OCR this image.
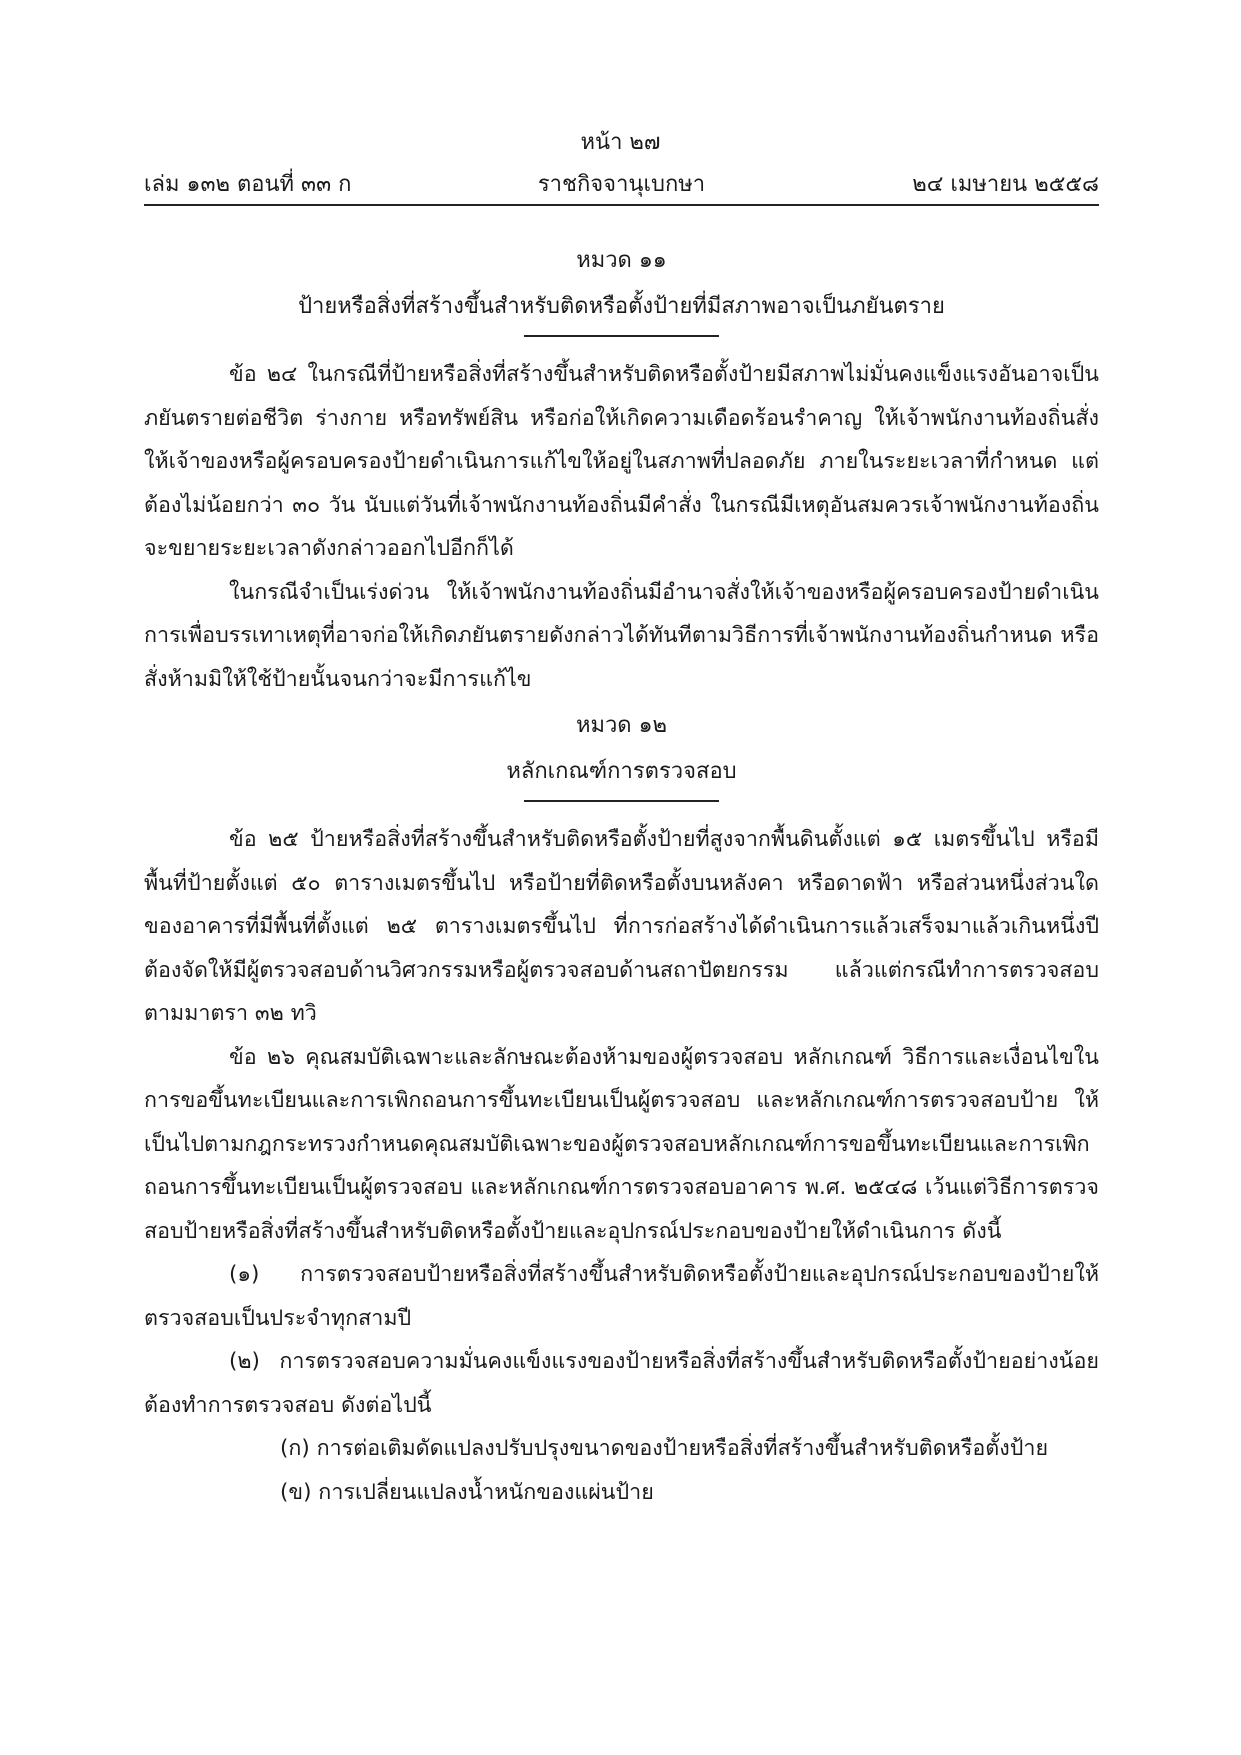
หน้า ๒๗
เล่ม ๑๓๒ ตอนที่ ๓๓ ก	ราชกิจจานุเบกษา	๒๔ เมษายน ๒๕๕๘
หมวด ๑๑
ป้ายหรือสิ่งที่สร้างขึ้นสำหรับติดหรือตั้งป้ายที่มีสภาพอาจเป็นภยันตราย

ข้อ ๒๔ ในกรณีที่ป้ายหรือสิ่งที่สร้างขึ้นสำหรับติดหรือตั้งป้ายมีสภาพไม่มั่นคงแข็งแรงอันอาจเป็นภยันตรายต่อชีวิต ร่างกาย หรือทรัพย์สิน หรือก่อให้เกิดความเดือดร้อนรำคาญ ให้เจ้าพนักงานท้องถิ่นสั่งให้เจ้าของหรือผู้ครอบครองป้ายดำเนินการแก้ไขให้อยู่ในสภาพที่ปลอดภัย ภายในระยะเวลาที่กำหนด แต่ต้องไม่น้อยกว่า ๓๐ วัน นับแต่วันที่เจ้าพนักงานท้องถิ่นมีคำสั่ง ในกรณีมีเหตุอันสมควรเจ้าพนักงานท้องถิ่นจะขยายระยะเวลาดังกล่าวออกไปอีกก็ได้

ในกรณีจำเป็นเร่งด่วน ให้เจ้าพนักงานท้องถิ่นมีอำนาจสั่งให้เจ้าของหรือผู้ครอบครองป้ายดำเนินการเพื่อบรรเทาเหตุที่อาจก่อให้เกิดภยันตรายดังกล่าวได้ทันทีตามวิธีการที่เจ้าพนักงานท้องถิ่นกำหนด หรือสั่งห้ามมิให้ใช้ป้ายนั้นจนกว่าจะมีการแก้ไข

หมวด ๑๒
หลักเกณฑ์การตรวจสอบ

ข้อ ๒๕ ป้ายหรือสิ่งที่สร้างขึ้นสำหรับติดหรือตั้งป้ายที่สูงจากพื้นดินตั้งแต่ ๑๕ เมตรขึ้นไป หรือมีพื้นที่ป้ายตั้งแต่ ๕๐ ตารางเมตรขึ้นไป หรือป้ายที่ติดหรือตั้งบนหลังคา หรือดาดฟ้า หรือส่วนหนึ่งส่วนใดของอาคารที่มีพื้นที่ตั้งแต่ ๒๕ ตารางเมตรขึ้นไป ที่การก่อสร้างได้ดำเนินการแล้วเสร็จมาแล้วเกินหนึ่งปี ต้องจัดให้มีผู้ตรวจสอบด้านวิศวกรรมหรือผู้ตรวจสอบด้านสถาปัตยกรรม แล้วแต่กรณีทำการตรวจสอบตามมาตรา ๓๒ ทวิ

ข้อ ๒๖ คุณสมบัติเฉพาะและลักษณะต้องห้ามของผู้ตรวจสอบ หลักเกณฑ์ วิธีการและเงื่อนไขในการขอขึ้นทะเบียนและการเพิกถอนการขึ้นทะเบียนเป็นผู้ตรวจสอบ และหลักเกณฑ์การตรวจสอบป้าย ให้เป็นไปตามกฎกระทรวงกำหนดคุณสมบัติเฉพาะของผู้ตรวจสอบหลักเกณฑ์การขอขึ้นทะเบียนและการเพิกถอนการขึ้นทะเบียนเป็นผู้ตรวจสอบ และหลักเกณฑ์การตรวจสอบอาคาร พ.ศ. ๒๕๔๘ เว้นแต่วิธีการตรวจสอบป้ายหรือสิ่งที่สร้างขึ้นสำหรับติดหรือตั้งป้ายและอุปกรณ์ประกอบของป้ายให้ดำเนินการ ดังนี้

(๑) การตรวจสอบป้ายหรือสิ่งที่สร้างขึ้นสำหรับติดหรือตั้งป้ายและอุปกรณ์ประกอบของป้ายให้ตรวจสอบเป็นประจำทุกสามปี

(๒) การตรวจสอบความมั่นคงแข็งแรงของป้ายหรือสิ่งที่สร้างขึ้นสำหรับติดหรือตั้งป้ายอย่างน้อยต้องทำการตรวจสอบ ดังต่อไปนี้

(ก) การต่อเติมดัดแปลงปรับปรุงขนาดของป้ายหรือสิ่งที่สร้างขึ้นสำหรับติดหรือตั้งป้าย

(ข) การเปลี่ยนแปลงน้ำหนักของแผ่นป้าย
